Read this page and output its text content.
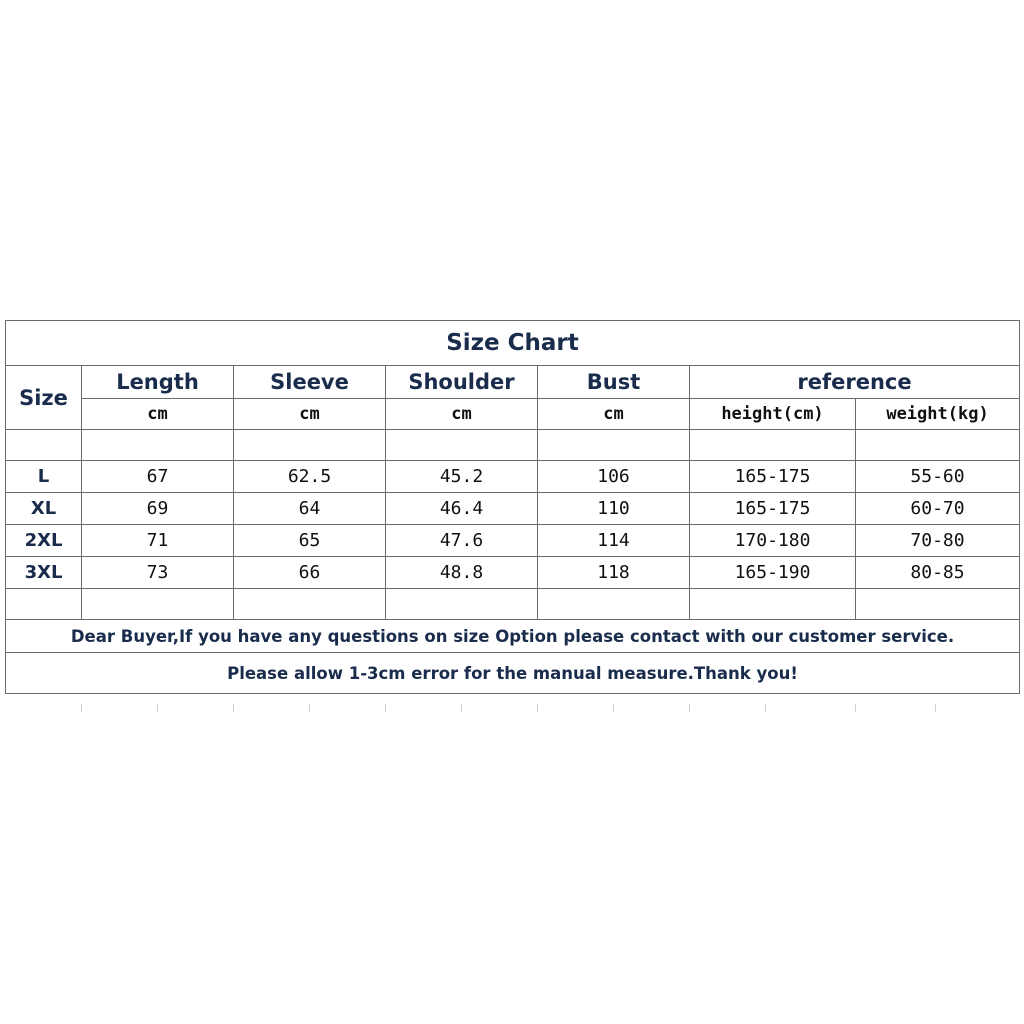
Size Chart						
Size	Length	Sleeve	Shoulder	Bust	reference	
	cm	cm	cm	cm	height(cm)	weight(kg)

L	67	62.5	45.2	106	165-175	55-60
XL	69	64	46.4	110	165-175	60-70
2XL	71	65	47.6	114	170-180	70-80
3XL	73	66	48.8	118	165-190	80-85

Dear Buyer,If you have any questions on size Option please contact with our customer service.						
Please allow 1-3cm error for the manual measure.Thank you!						
